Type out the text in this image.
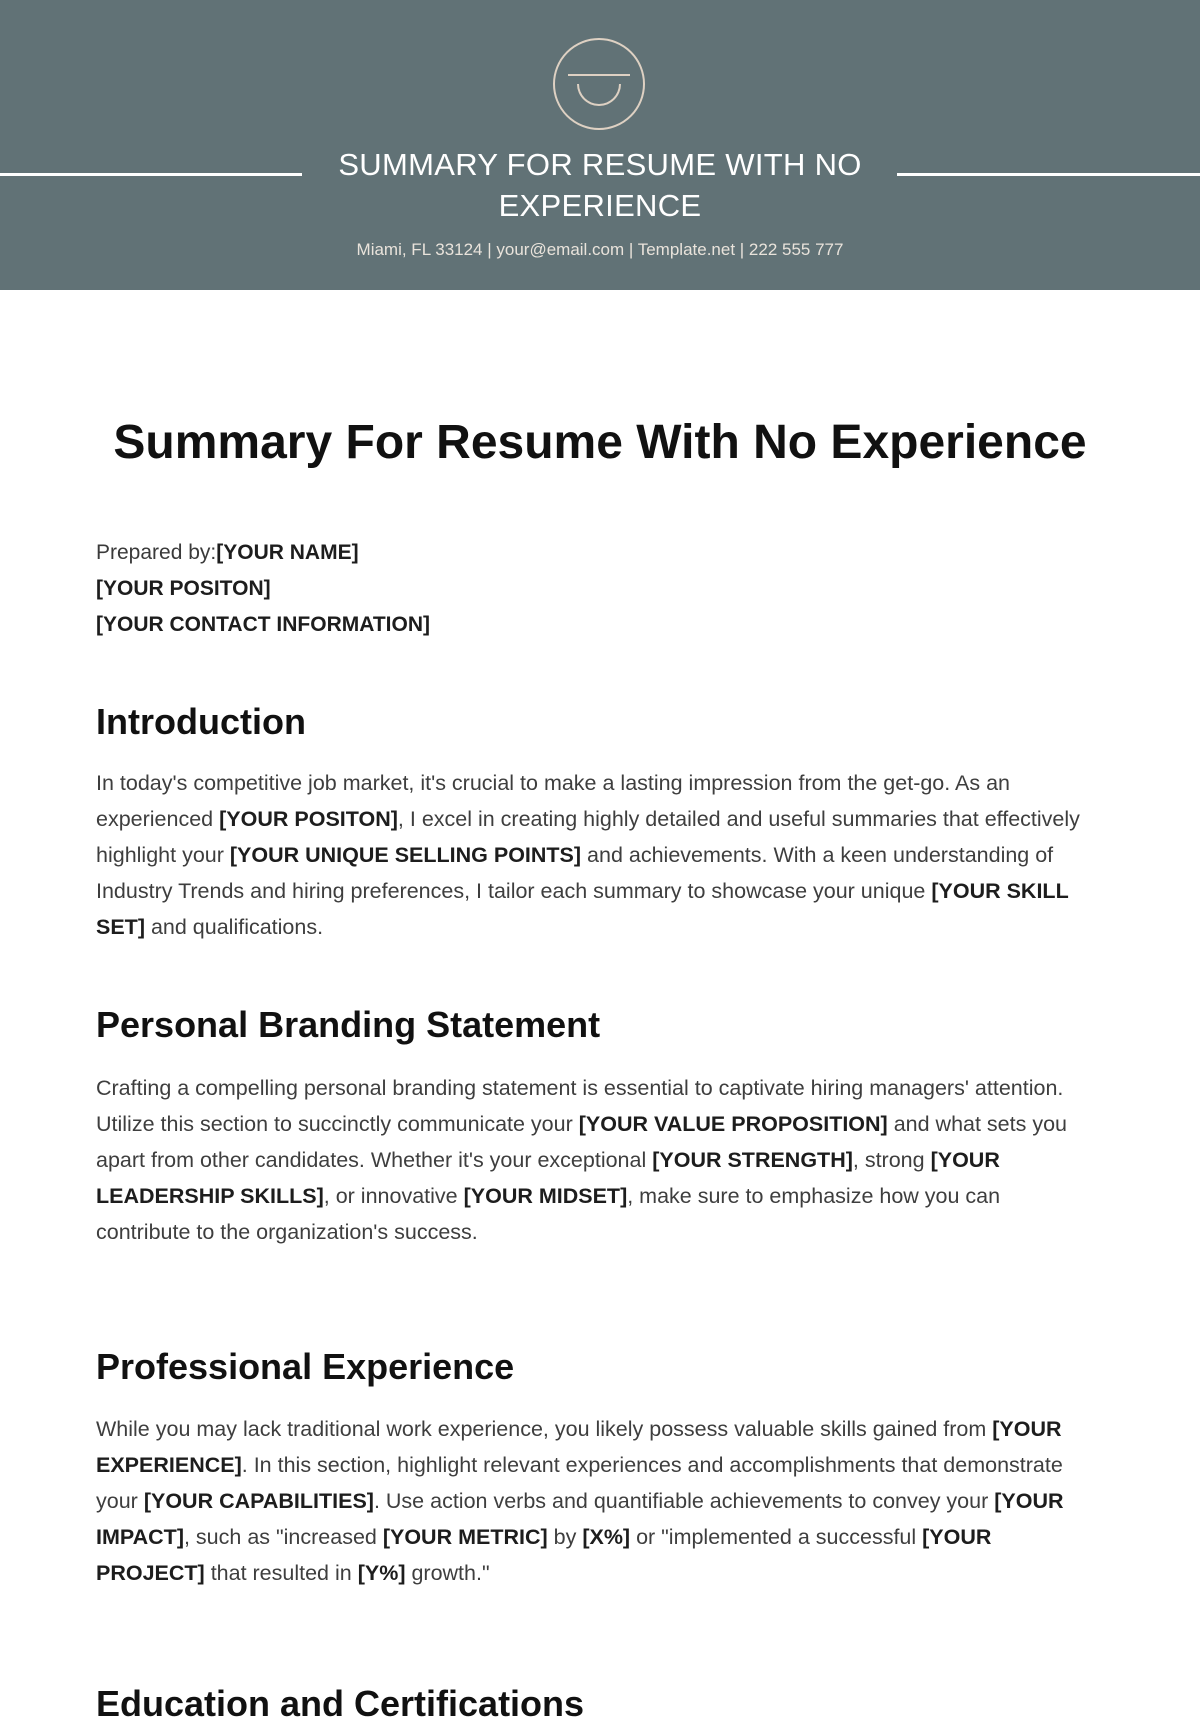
SUMMARY FOR RESUME WITH NO EXPERIENCE
Miami, FL 33124 | your@email.com | Template.net | 222 555 777
Summary For Resume With No Experience
Prepared by:[YOUR NAME]
[YOUR POSITON]
[YOUR CONTACT INFORMATION]
Introduction

In today's competitive job market, it's crucial to make a lasting impression from the get-go. As an experienced [YOUR POSITON], I excel in creating highly detailed and useful summaries that effectively highlight your [YOUR UNIQUE SELLING POINTS] and achievements. With a keen understanding of Industry Trends and hiring preferences, I tailor each summary to showcase your unique [YOUR SKILL SET] and qualifications.

Personal Branding Statement

Crafting a compelling personal branding statement is essential to captivate hiring managers' attention. Utilize this section to succinctly communicate your [YOUR VALUE PROPOSITION] and what sets you apart from other candidates. Whether it's your exceptional [YOUR STRENGTH], strong [YOUR LEADERSHIP SKILLS], or innovative [YOUR MIDSET], make sure to emphasize how you can contribute to the organization's success.

Professional Experience

While you may lack traditional work experience, you likely possess valuable skills gained from [YOUR EXPERIENCE]. In this section, highlight relevant experiences and accomplishments that demonstrate your [YOUR CAPABILITIES]. Use action verbs and quantifiable achievements to convey your [YOUR IMPACT], such as "increased [YOUR METRIC] by [X%] or "implemented a successful [YOUR PROJECT] that resulted in [Y%] growth."

Education and Certifications
